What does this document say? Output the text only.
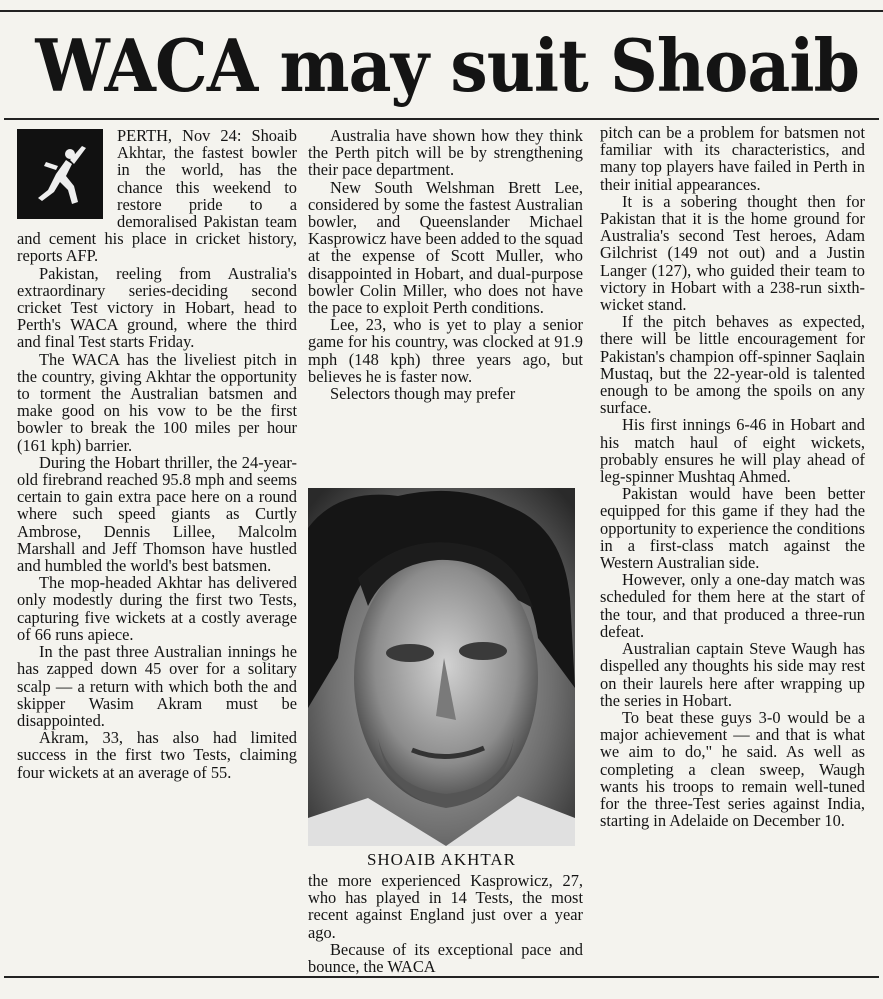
WACA may suit Shoaib

PERTH, Nov 24: Shoaib Akhtar, the fastest bowler in the world, has the chance this weekend to restore pride to a demoralised Pakistan team and cement his place in cricket history, reports AFP.

Pakistan, reeling from Australia's extraordinary series-deciding second cricket Test victory in Hobart, head to Perth's WACA ground, where the third and final Test starts Friday.

The WACA has the liveliest pitch in the country, giving Akhtar the opportunity to torment the Australian batsmen and make good on his vow to be the first bowler to break the 100 miles per hour (161 kph) barrier.

During the Hobart thriller, the 24-year-old firebrand reached 95.8 mph and seems certain to gain extra pace here on a round where such speed giants as Curtly Ambrose, Dennis Lillee, Malcolm Marshall and Jeff Thomson have hustled and humbled the world's best batsmen.

The mop-headed Akhtar has delivered only modestly during the first two Tests, capturing five wickets at a costly average of 66 runs apiece.

In the past three Australian innings he has zapped down 45 over for a solitary scalp — a return with which both the and skipper Wasim Akram must be disappointed.

Akram, 33, has also had limited success in the first two Tests, claiming four wickets at an average of 55.

Australia have shown how they think the Perth pitch will be by strengthening their pace department.

New South Welshman Brett Lee, considered by some the fastest Australian bowler, and Queenslander Michael Kasprowicz have been added to the squad at the expense of Scott Muller, who disappointed in Hobart, and dual-purpose bowler Colin Miller, who does not have the pace to exploit Perth conditions.

Lee, 23, who is yet to play a senior game for his country, was clocked at 91.9 mph (148 kph) three years ago, but believes he is faster now.

Selectors though may prefer

SHOAIB AKHTAR

the more experienced Kasprowicz, 27, who has played in 14 Tests, the most recent against England just over a year ago.

Because of its exceptional pace and bounce, the WACA

pitch can be a problem for batsmen not familiar with its characteristics, and many top players have failed in Perth in their initial appearances.

It is a sobering thought then for Pakistan that it is the home ground for Australia's second Test heroes, Adam Gilchrist (149 not out) and a Justin Langer (127), who guided their team to victory in Hobart with a 238-run sixth-wicket stand.

If the pitch behaves as expected, there will be little encouragement for Pakistan's champion off-spinner Saqlain Mustaq, but the 22-year-old is talented enough to be among the spoils on any surface.

His first innings 6-46 in Hobart and his match haul of eight wickets, probably ensures he will play ahead of leg-spinner Mushtaq Ahmed.

Pakistan would have been better equipped for this game if they had the opportunity to experience the conditions in a first-class match against the Western Australian side.

However, only a one-day match was scheduled for them here at the start of the tour, and that produced a three-run defeat.

Australian captain Steve Waugh has dispelled any thoughts his side may rest on their laurels here after wrapping up the series in Hobart.

To beat these guys 3-0 would be a major achievement — and that is what we aim to do," he said. As well as completing a clean sweep, Waugh wants his troops to remain well-tuned for the three-Test series against India, starting in Adelaide on December 10.
